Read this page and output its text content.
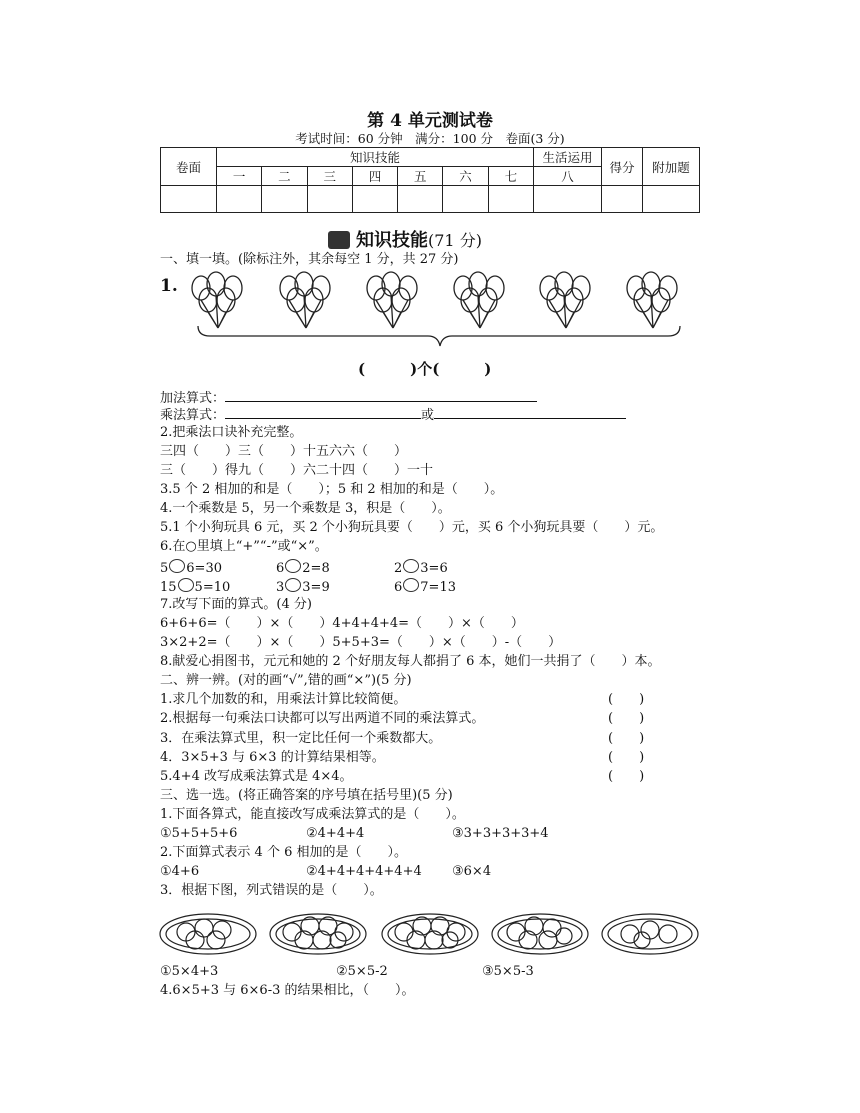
第 4 单元测试卷
考试时间：60 分钟　满分：100 分　卷面(3 分)
卷面	知识技能							生活运用	得分	附加题
	一	二	三	四	五	六	七	八		

知识技能(71 分)
一、填一填。(除标注外，其余每空 1 分，共 27 分)
1.
(　　　)个(　　　)
加法算式：
乘法算式：	或
2.把乘法口诀补充完整。
三四（　　）三（　　）十五六六（　　）
三（　　）得九（　　）六二十四（　　）一十
3.5 个 2 相加的和是（　　）；5 和 2 相加的和是（　　）。
4.一个乘数是 5，另一个乘数是 3，积是（　　）。
5.1 个小狗玩具 6 元，买 2 个小狗玩具要（　　）元，买 6 个小狗玩具要（　　）元。
6.在○里填上“+”“-”或“×”。
5 6=30	6 2=8	2 3=6
15 5=10	3 3=9	6 7=13
7.改写下面的算式。(4 分)
6+6+6=（　　）×（　　）4+4+4+4=（　　）×（　　）
3×2+2=（　　）×（　　）5+5+3=（　　）×（　　）-（　　）
8.献爱心捐图书，元元和她的 2 个好朋友每人都捐了 6 本，她们一共捐了（　　）本。
二、辨一辨。(对的画“√”,错的画“×”)(5 分)
1.求几个加数的和，用乘法计算比较简便。	(　　)
2.根据每一句乘法口诀都可以写出两道不同的乘法算式。	(　　)
3．在乘法算式里，积一定比任何一个乘数都大。	(　　)
4．3×5+3 与 6×3 的计算结果相等。	(　　)
5.4+4 改写成乘法算式是 4×4。	(　　)
三、选一选。(将正确答案的序号填在括号里)(5 分)
1.下面各算式，能直接改写成乘法算式的是（　　）。
①5+5+5+6	②4+4+4	③3+3+3+3+4
2.下面算式表示 4 个 6 相加的是（　　）。
①4+6	②4+4+4+4+4+4 ③6×4
3．根据下图，列式错误的是（　　）。
①5×4+3	②5×5-2	③5×5-3
4.6×5+3 与 6×6-3 的结果相比，（　　）。
